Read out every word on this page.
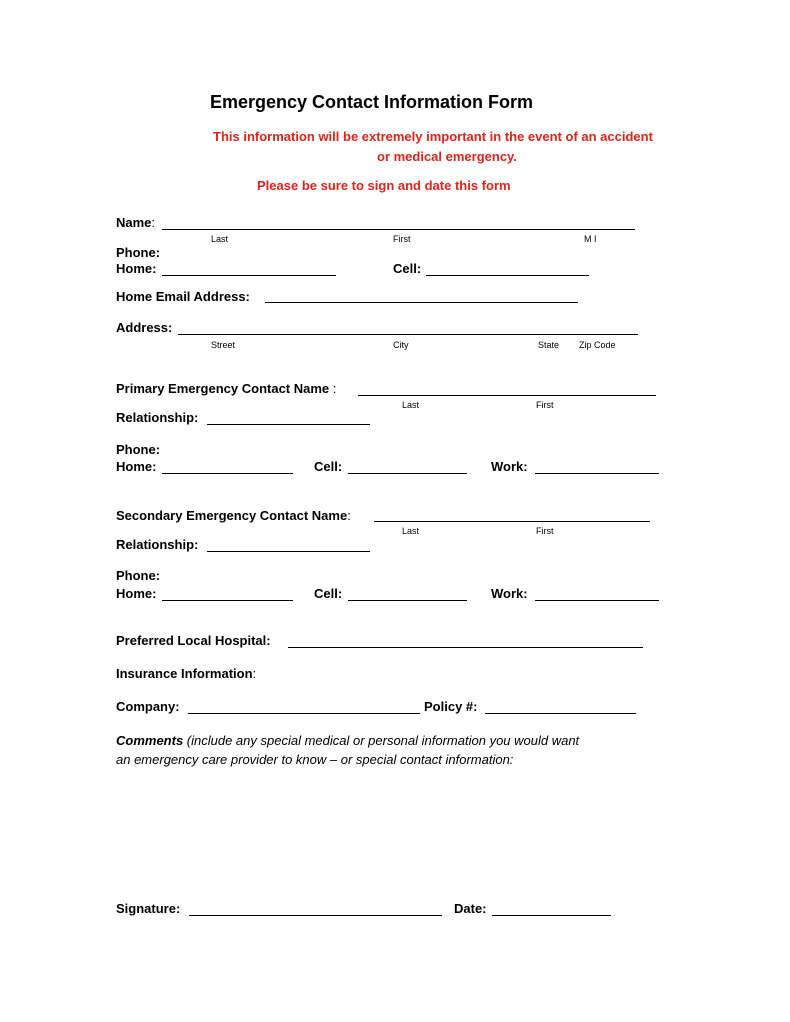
Emergency Contact Information Form
This information will be extremely important in the event of an accident
or medical emergency.
Please be sure to sign and date this form
Name:
Last	First	M I
Phone:
Home:	Cell:
Home Email Address:
Address:
Street	City	State Zip Code
Primary Emergency Contact Name :
Last	First
Relationship:
Phone:
Home:	Cell:	Work:
Secondary Emergency Contact Name:
Last	First
Relationship:
Phone:
Home:	Cell:	Work:
Preferred Local Hospital:
Insurance Information:
Company:	Policy #:
Comments (include any special medical or personal information you would want
an emergency care provider to know – or special contact information:
Signature:	Date:
